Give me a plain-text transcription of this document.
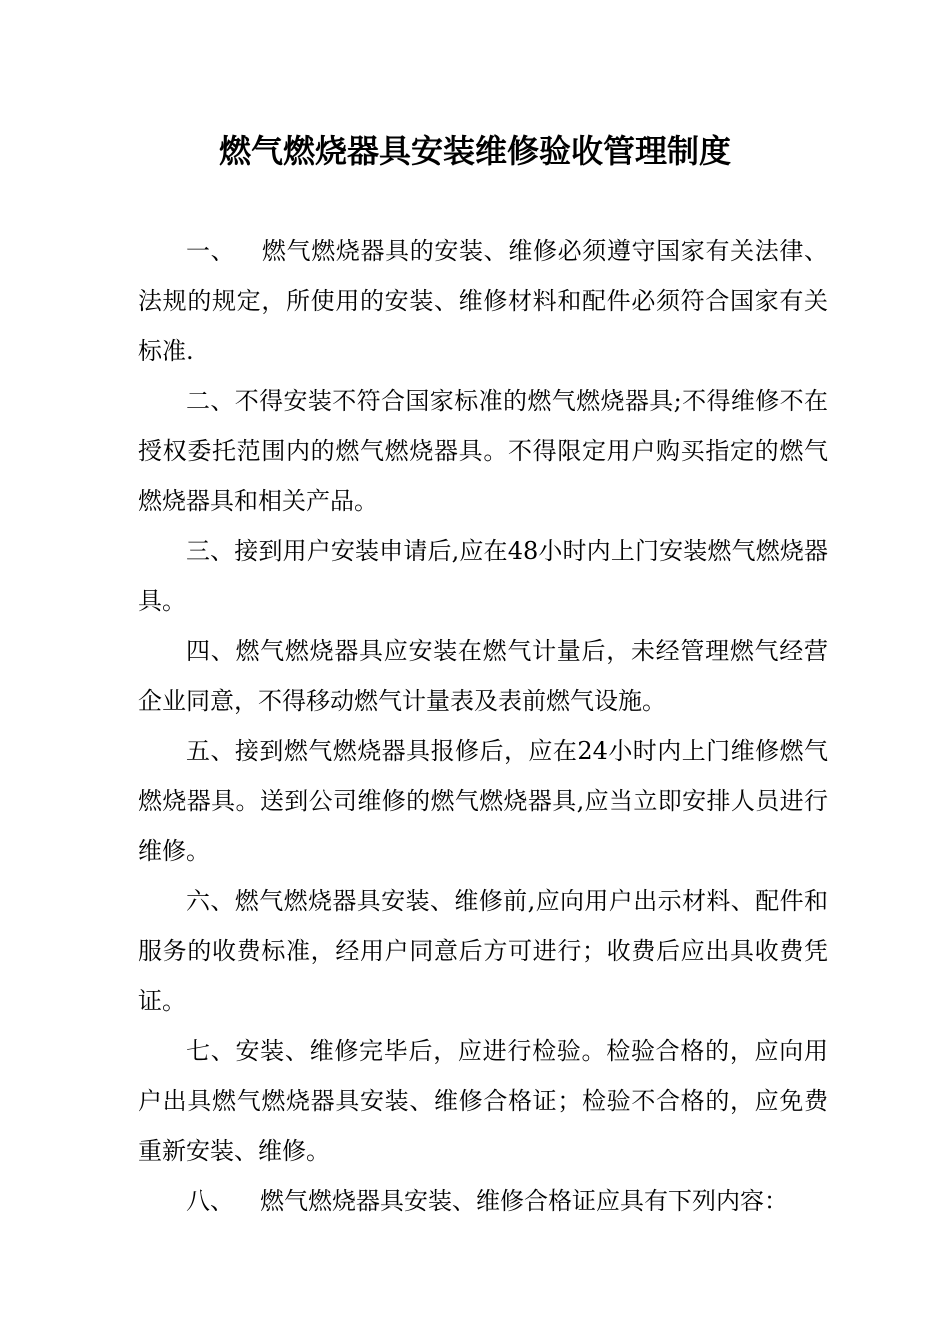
燃气燃烧器具安装维修验收管理制度

一、 燃气燃烧器具的安装、维修必须遵守国家有关法律、法规的规定，所使用的安装、维修材料和配件必须符合国家有关标准.

二、不得安装不符合国家标准的燃气燃烧器具;不得维修不在授权委托范围内的燃气燃烧器具。不得限定用户购买指定的燃气燃烧器具和相关产品。

三、接到用户安装申请后,应在48小时内上门安装燃气燃烧器具。

四、燃气燃烧器具应安装在燃气计量后，未经管理燃气经营企业同意，不得移动燃气计量表及表前燃气设施。

五、接到燃气燃烧器具报修后，应在24小时内上门维修燃气燃烧器具。送到公司维修的燃气燃烧器具,应当立即安排人员进行维修。

六、燃气燃烧器具安装、维修前,应向用户出示材料、配件和服务的收费标准，经用户同意后方可进行；收费后应出具收费凭证。

七、安装、维修完毕后，应进行检验。检验合格的，应向用户出具燃气燃烧器具安装、维修合格证；检验不合格的，应免费重新安装、维修。

八、 燃气燃烧器具安装、维修合格证应具有下列内容：
